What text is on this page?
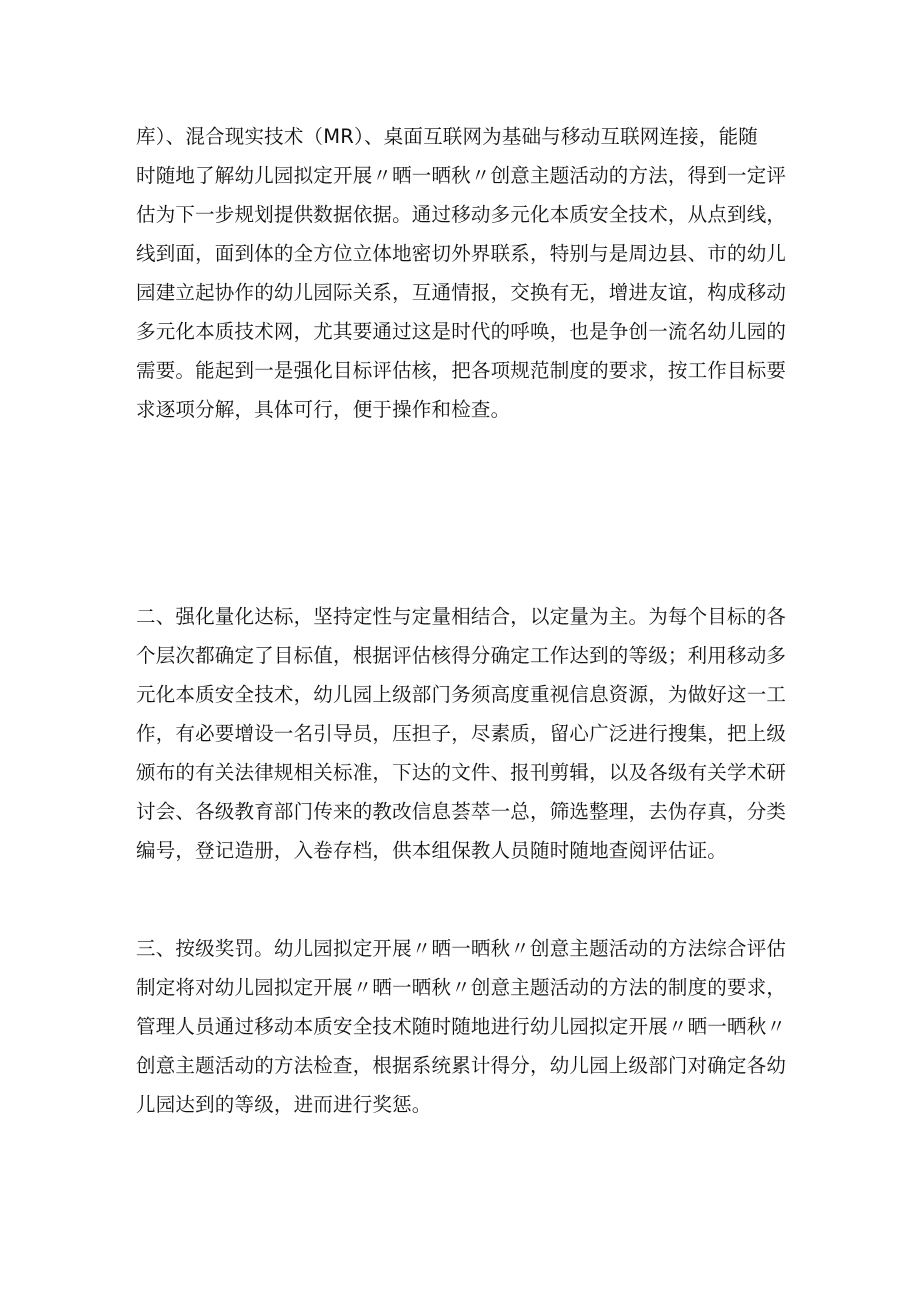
库）、混合现实技术（MR）、桌面互联网为基础与移动互联网连接，能随
时随地了解幼儿园拟定开展〃晒一晒秋〃创意主题活动的方法，得到一定评
估为下一步规划提供数据依据。通过移动多元化本质安全技术，从点到线，
线到面，面到体的全方位立体地密切外界联系，特别与是周边县、市的幼儿
园建立起协作的幼儿园际关系，互通情报，交换有无，增进友谊，构成移动
多元化本质技术网，尤其要通过这是时代的呼唤，也是争创一流名幼儿园的
需要。能起到一是强化目标评估核，把各项规范制度的要求，按工作目标要
求逐项分解，具体可行，便于操作和检查。
二、强化量化达标，坚持定性与定量相结合，以定量为主。为每个目标的各
个层次都确定了目标值，根据评估核得分确定工作达到的等级；利用移动多
元化本质安全技术，幼儿园上级部门务须高度重视信息资源，为做好这一工
作，有必要增设一名引导员，压担子，尽素质，留心广泛进行搜集，把上级
颁布的有关法律规相关标准，下达的文件、报刊剪辑，以及各级有关学术研
讨会、各级教育部门传来的教改信息荟萃一总，筛选整理，去伪存真，分类
编号，登记造册，入卷存档，供本组保教人员随时随地查阅评估证。
三、按级奖罚。幼儿园拟定开展〃晒一晒秋〃创意主题活动的方法综合评估
制定将对幼儿园拟定开展〃晒一晒秋〃创意主题活动的方法的制度的要求，
管理人员通过移动本质安全技术随时随地进行幼儿园拟定开展〃晒一晒秋〃
创意主题活动的方法检查，根据系统累计得分，幼儿园上级部门对确定各幼
儿园达到的等级，进而进行奖惩。
